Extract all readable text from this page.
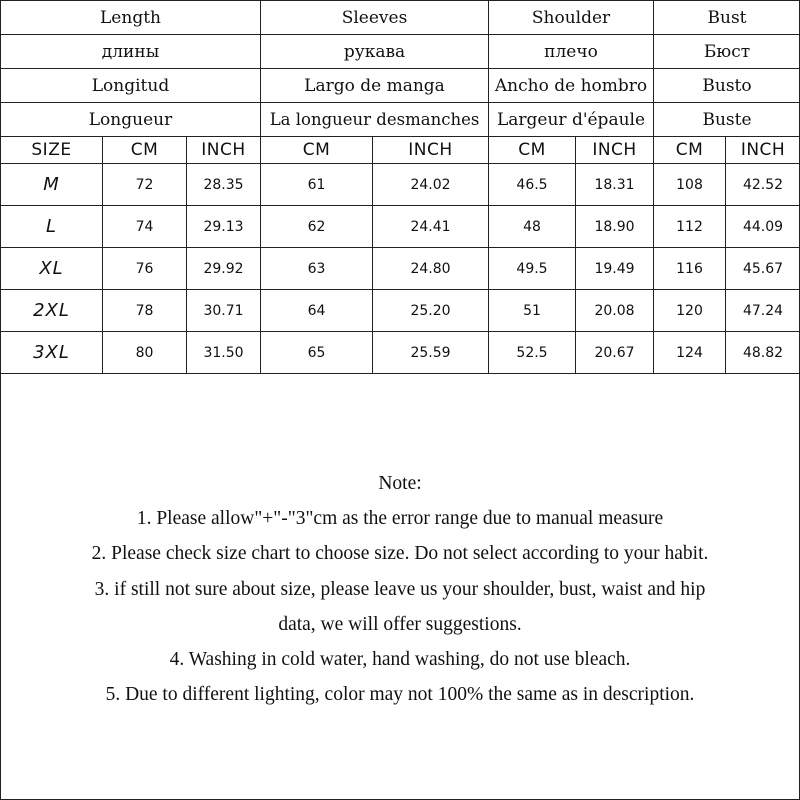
Length			Sleeves		Shoulder		Bust	
длины			рукава		плечо		Бюст	
Longitud			Largo de manga		Ancho de hombro		Busto	
Longueur			La longueur desmanches		Largeur d'épaule		Buste	
SIZE	CM	INCH	CM	INCH	CM	INCH	CM	INCH
M	72	28.35	61	24.02	46.5	18.31	108	42.52
L	74	29.13	62	24.41	48	18.90	112	44.09
XL	76	29.92	63	24.80	49.5	19.49	116	45.67
2XL	78	30.71	64	25.20	51	20.08	120	47.24
3XL	80	31.50	65	25.59	52.5	20.67	124	48.82
Note:
1. Please allow"+"-"3"cm as the error range due to manual measure
2. Please check size chart to choose size. Do not select according to your habit.
3. if still not sure about size, please leave us your shoulder, bust, waist and hip
data, we will offer suggestions.
4. Washing in cold water, hand washing, do not use bleach.
5. Due to different lighting, color may not 100% the same as in description.
